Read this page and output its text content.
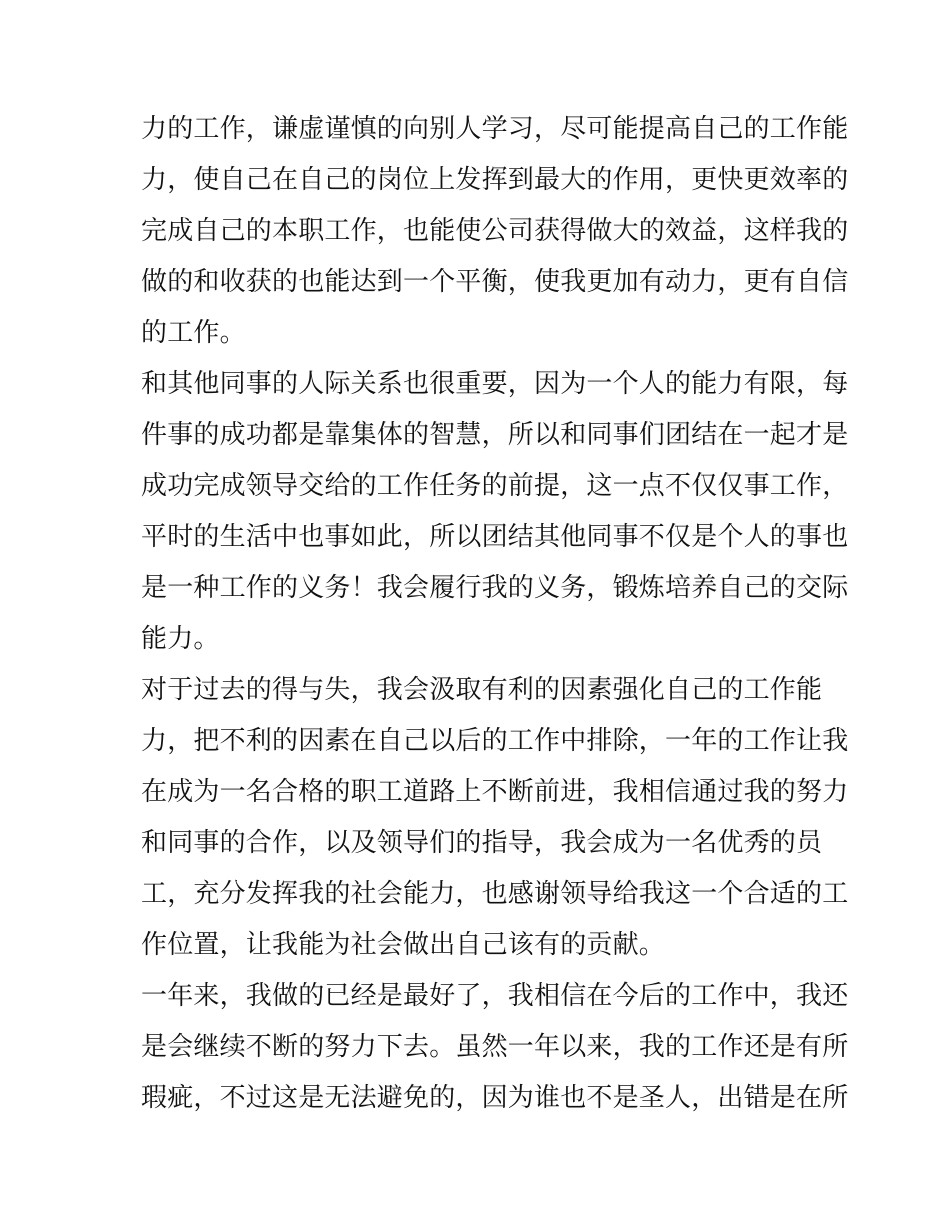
力的工作，谦虚谨慎的向别人学习，尽可能提高自己的工作能
力，使自己在自己的岗位上发挥到最大的作用，更快更效率的
完成自己的本职工作，也能使公司获得做大的效益，这样我的
做的和收获的也能达到一个平衡，使我更加有动力，更有自信
的工作。
和其他同事的人际关系也很重要，因为一个人的能力有限，每
件事的成功都是靠集体的智慧，所以和同事们团结在一起才是
成功完成领导交给的工作任务的前提，这一点不仅仅事工作，
平时的生活中也事如此，所以团结其他同事不仅是个人的事也
是一种工作的义务！我会履行我的义务，锻炼培养自己的交际
能力。
对于过去的得与失，我会汲取有利的因素强化自己的工作能
力，把不利的因素在自己以后的工作中排除，一年的工作让我
在成为一名合格的职工道路上不断前进，我相信通过我的努力
和同事的合作，以及领导们的指导，我会成为一名优秀的员
工，充分发挥我的社会能力，也感谢领导给我这一个合适的工
作位置，让我能为社会做出自己该有的贡献。
一年来，我做的已经是最好了，我相信在今后的工作中，我还
是会继续不断的努力下去。虽然一年以来，我的工作还是有所
瑕疵，不过这是无法避免的，因为谁也不是圣人，出错是在所
